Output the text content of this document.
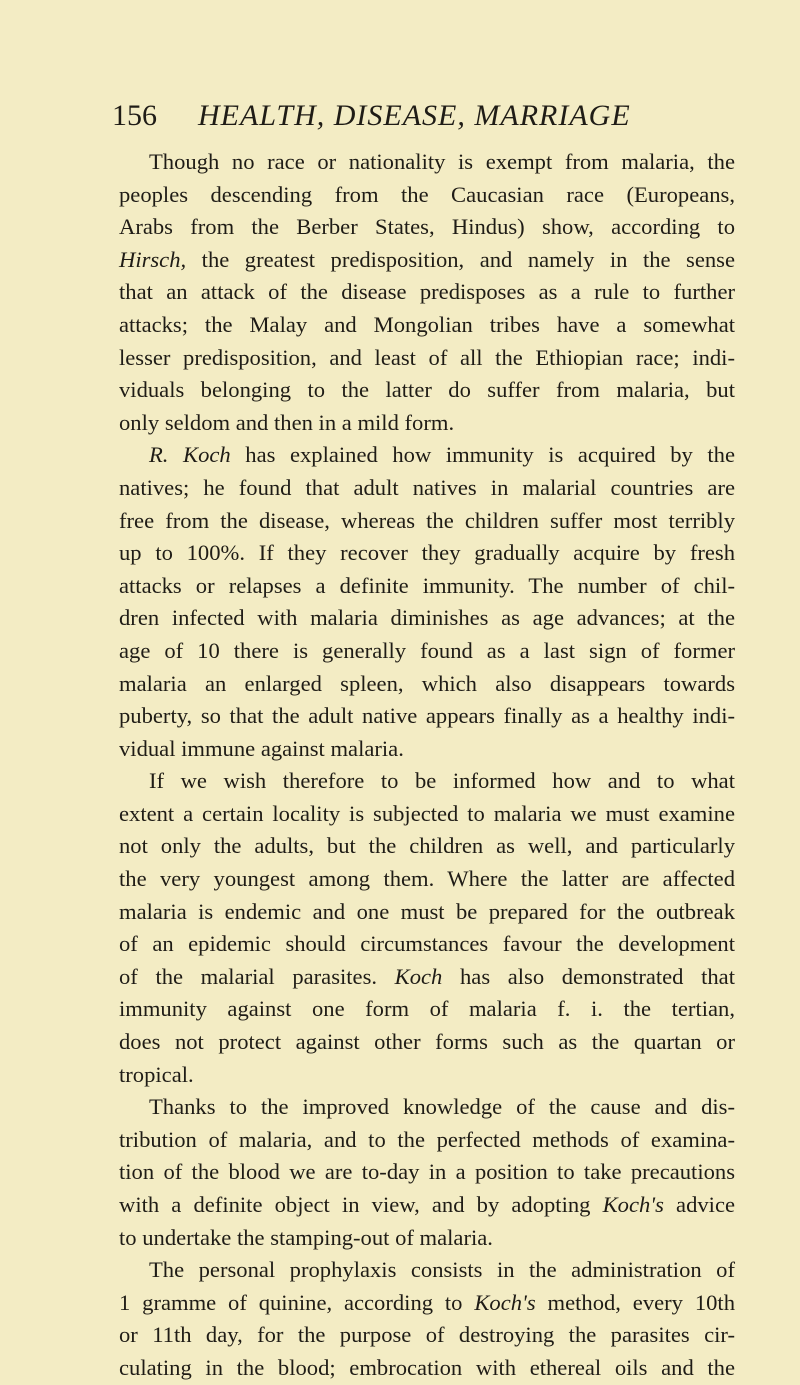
156 HEALTH, DISEASE, MARRIAGE
Though no race or nationality is exempt from malaria, the
peoples descending from the Caucasian race (Europeans,
Arabs from the Berber States, Hindus) show, according to
Hirsch, the greatest predisposition, and namely in the sense
that an attack of the disease predisposes as a rule to further
attacks; the Malay and Mongolian tribes have a somewhat
lesser predisposition, and least of all the Ethiopian race; indi-
viduals belonging to the latter do suffer from malaria, but
only seldom and then in a mild form.
R. Koch has explained how immunity is acquired by the
natives; he found that adult natives in malarial countries are
free from the disease, whereas the children suffer most terribly
up to 100%. If they recover they gradually acquire by fresh
attacks or relapses a definite immunity. The number of chil-
dren infected with malaria diminishes as age advances; at the
age of 10 there is generally found as a last sign of former
malaria an enlarged spleen, which also disappears towards
puberty, so that the adult native appears finally as a healthy indi-
vidual immune against malaria.
If we wish therefore to be informed how and to what
extent a certain locality is subjected to malaria we must examine
not only the adults, but the children as well, and particularly
the very youngest among them. Where the latter are affected
malaria is endemic and one must be prepared for the outbreak
of an epidemic should circumstances favour the development
of the malarial parasites. Koch has also demonstrated that
immunity against one form of malaria f. i. the tertian,
does not protect against other forms such as the quartan or
tropical.
Thanks to the improved knowledge of the cause and dis-
tribution of malaria, and to the perfected methods of examina-
tion of the blood we are to-day in a position to take precautions
with a definite object in view, and by adopting Koch's advice
to undertake the stamping-out of malaria.
The personal prophylaxis consists in the administration of
1 gramme of quinine, according to Koch's method, every 10th
or 11th day, for the purpose of destroying the parasites cir-
culating in the blood; embrocation with ethereal oils and the
